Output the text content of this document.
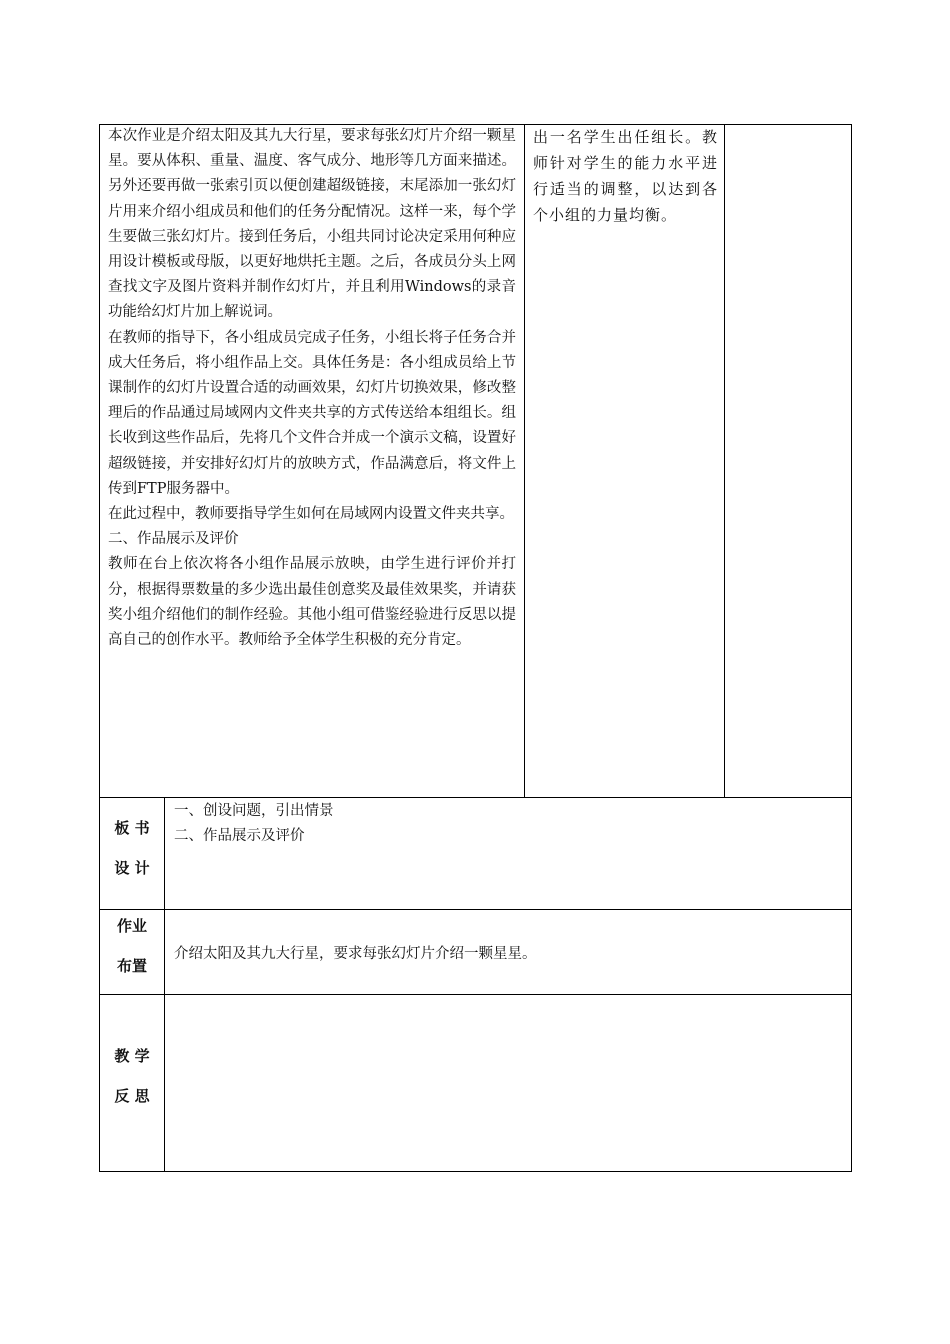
本次作业是介绍太阳及其九大行星，要求每张幻灯片介绍一颗星星。要从体积、重量、温度、客气成分、地形等几方面来描述。另外还要再做一张索引页以便创建超级链接，末尾添加一张幻灯片用来介绍小组成员和他们的任务分配情况。这样一来，每个学生要做三张幻灯片。接到任务后，小组共同讨论决定采用何种应用设计模板或母版，以更好地烘托主题。之后，各成员分头上网查找文字及图片资料并制作幻灯片，并且利用Windows的录音功能给幻灯片加上解说词。

在教师的指导下，各小组成员完成子任务，小组长将子任务合并成大任务后，将小组作品上交。具体任务是：各小组成员给上节课制作的幻灯片设置合适的动画效果，幻灯片切换效果，修改整理后的作品通过局域网内文件夹共享的方式传送给本组组长。组长收到这些作品后，先将几个文件合并成一个演示文稿，设置好超级链接，并安排好幻灯片的放映方式，作品满意后，将文件上传到FTP服务器中。

在此过程中，教师要指导学生如何在局域网内设置文件夹共享。

二、作品展示及评价

教师在台上依次将各小组作品展示放映，由学生进行评价并打分，根据得票数量的多少选出最佳创意奖及最佳效果奖，并请获奖小组介绍他们的制作经验。其他小组可借鉴经验进行反思以提高自己的创作水平。教师给予全体学生积极的充分肯定。

出一名学生出任组长。教师针对学生的能力水平进行适当的调整，以达到各个小组的力量均衡。

板 书
设 计

一、创设问题，引出情景

二、作品展示及评价

作业
布置

介绍太阳及其九大行星，要求每张幻灯片介绍一颗星星。

教 学
反 思
